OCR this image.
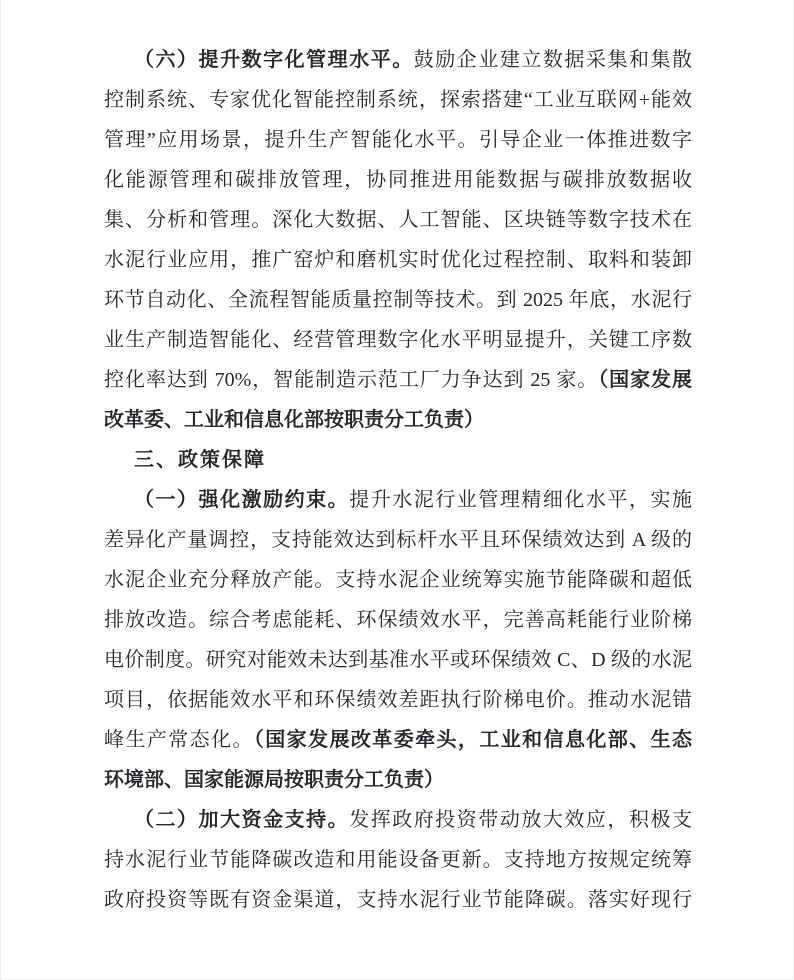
（六）提升数字化管理水平。鼓励企业建立数据采集和集散
控制系统、专家优化智能控制系统，探索搭建“工业互联网+能效
管理”应用场景，提升生产智能化水平。引导企业一体推进数字
化能源管理和碳排放管理，协同推进用能数据与碳排放数据收
集、分析和管理。深化大数据、人工智能、区块链等数字技术在
水泥行业应用，推广窑炉和磨机实时优化过程控制、取料和装卸
环节自动化、全流程智能质量控制等技术。到 2025 年底，水泥行
业生产制造智能化、经营管理数字化水平明显提升，关键工序数
控化率达到 70%，智能制造示范工厂力争达到 25 家。（国家发展
改革委、工业和信息化部按职责分工负责）
三、政策保障
（一）强化激励约束。提升水泥行业管理精细化水平，实施
差异化产量调控，支持能效达到标杆水平且环保绩效达到 A 级的
水泥企业充分释放产能。支持水泥企业统筹实施节能降碳和超低
排放改造。综合考虑能耗、环保绩效水平，完善高耗能行业阶梯
电价制度。研究对能效未达到基准水平或环保绩效 C、D 级的水泥
项目，依据能效水平和环保绩效差距执行阶梯电价。推动水泥错
峰生产常态化。（国家发展改革委牵头，工业和信息化部、生态
环境部、国家能源局按职责分工负责）
（二）加大资金支持。发挥政府投资带动放大效应，积极支
持水泥行业节能降碳改造和用能设备更新。支持地方按规定统筹
政府投资等既有资金渠道，支持水泥行业节能降碳。落实好现行
